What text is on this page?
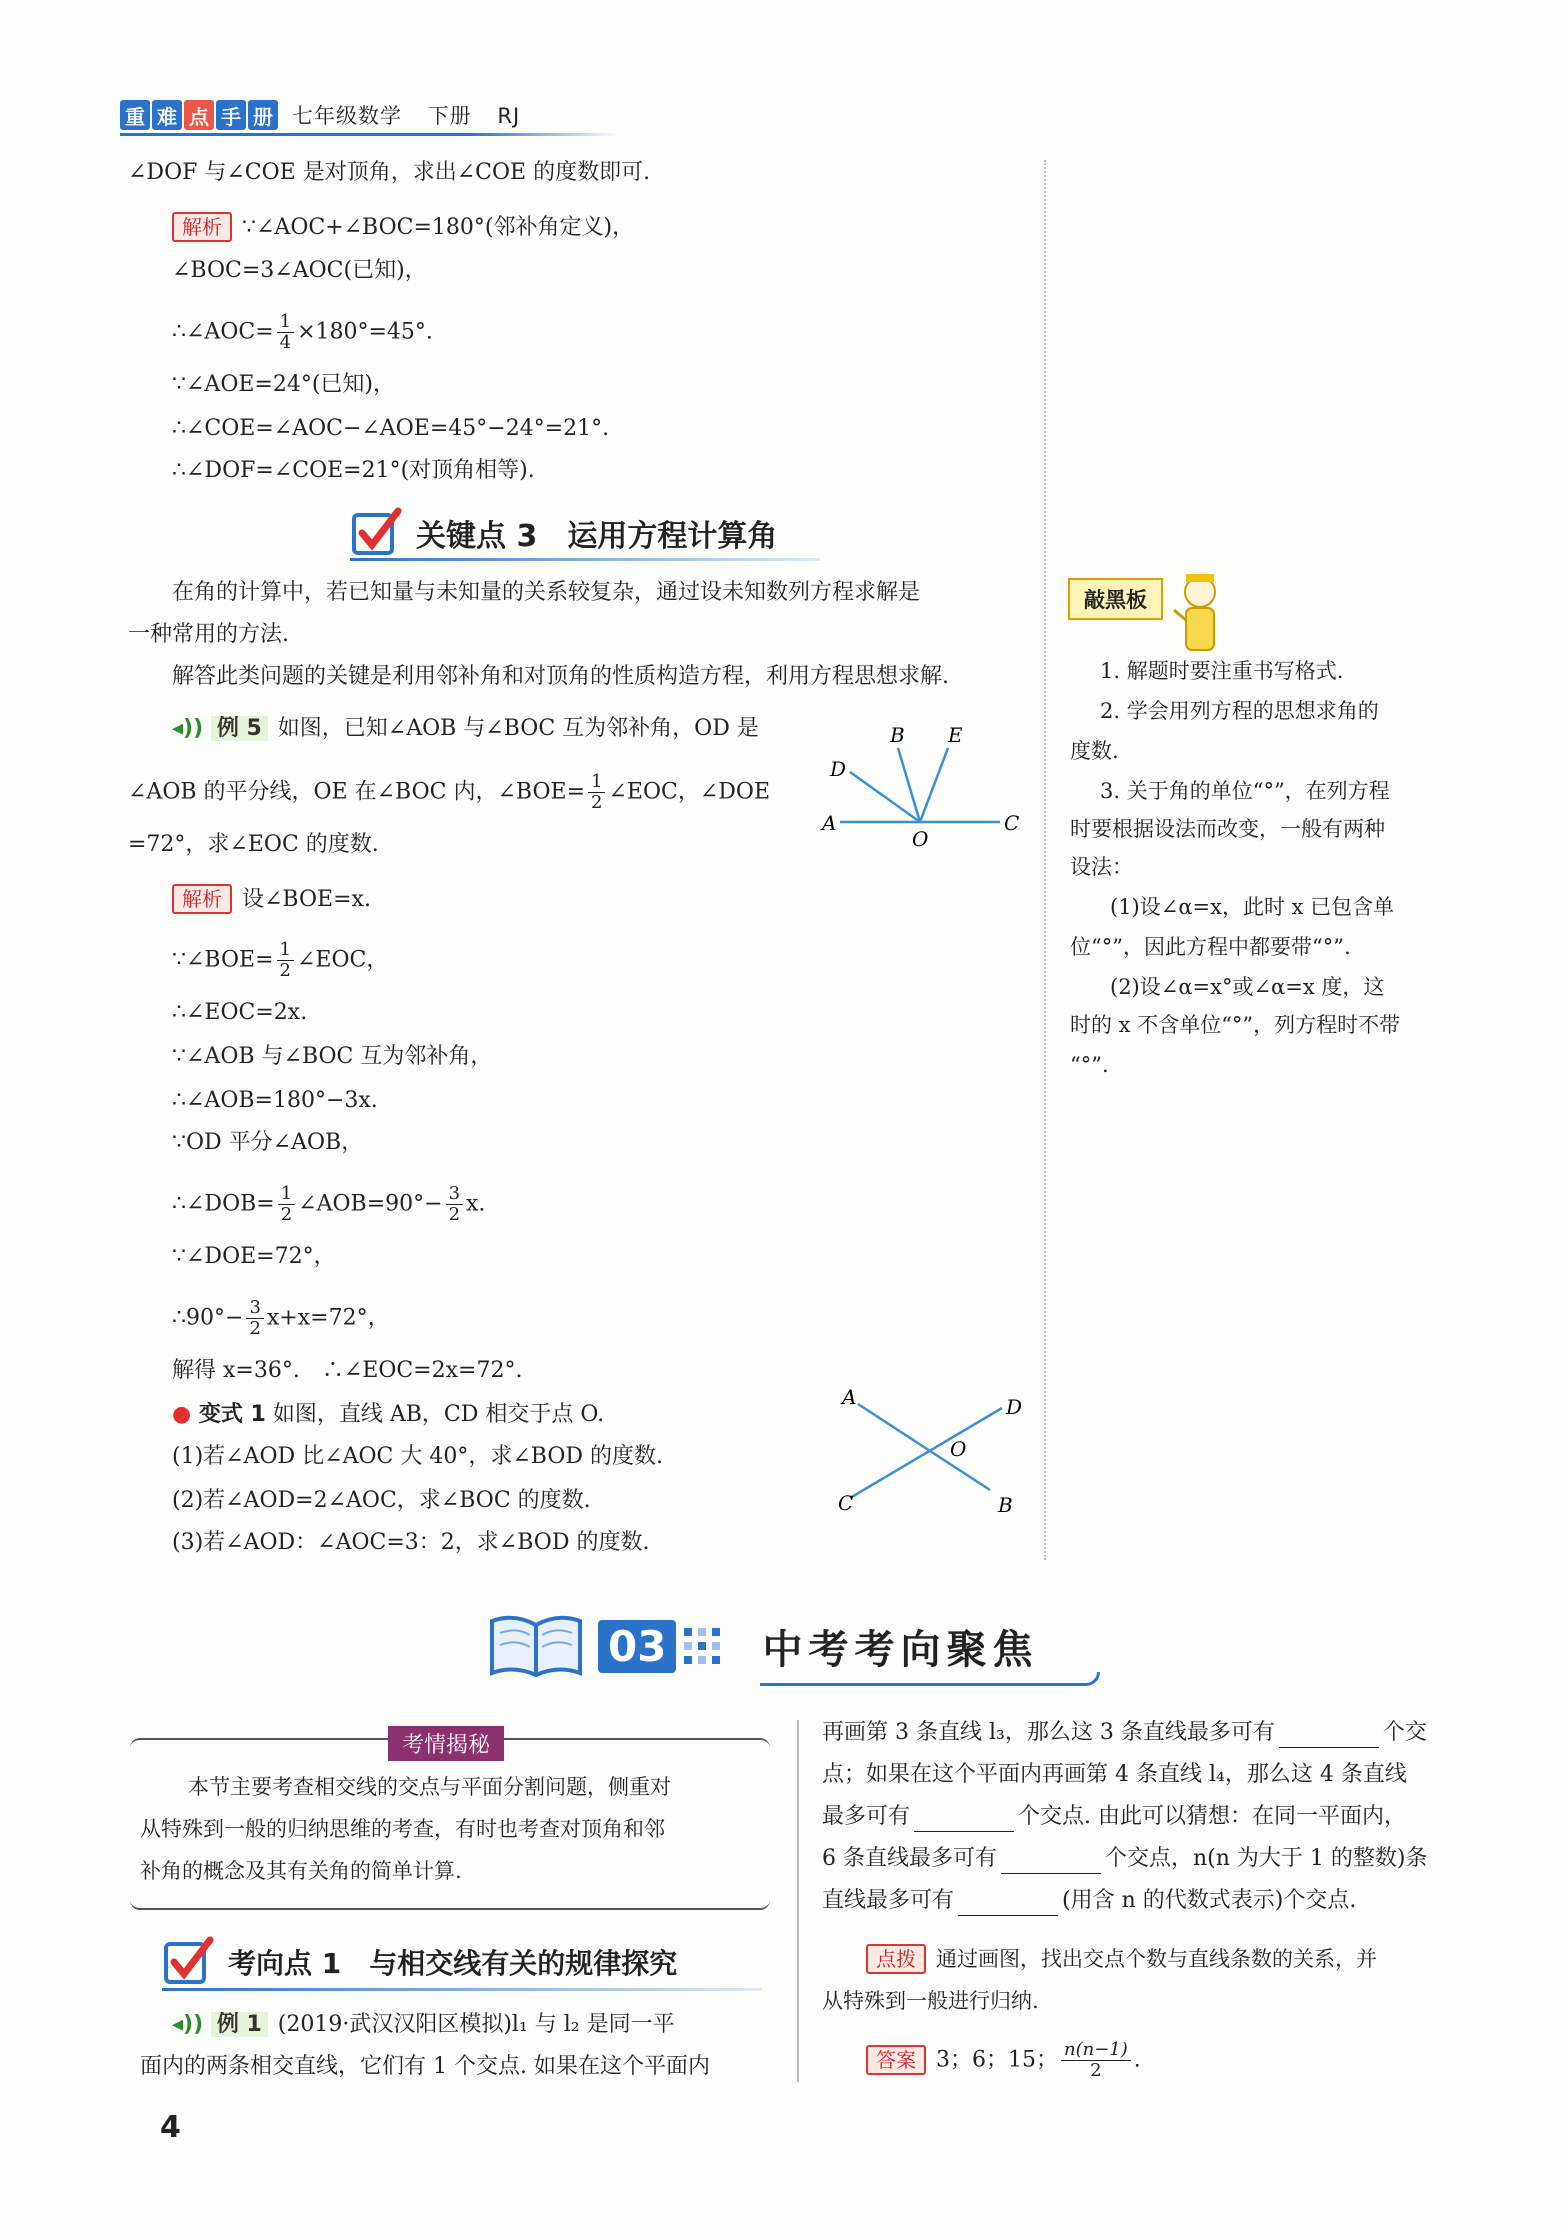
重 难 点 手 册 七年级数学 下册 RJ
∠DOF 与∠COE 是对顶角，求出∠COE 的度数即可.
解析 ∵∠AOC+∠BOC=180°(邻补角定义)，
∠BOC=3∠AOC(已知)，
∴∠AOC= $\frac{1}{4} \times 180^\circ=45^\circ$.
∵∠AOE=24°(已知)，
∴∠COE=∠AOC−∠AOE=45°−24°=21°.
∴∠DOF=∠COE=21°(对顶角相等).
关键点 3　运用方程计算角
在角的计算中，若已知量与未知量的关系较复杂，通过设未知数列方程求解是
一种常用的方法.
解答此类问题的关键是利用邻补角和对顶角的性质构造方程，利用方程思想求解.
◂)) 例 5 如图，已知∠AOB 与∠BOC 互为邻补角，OD 是
∠AOB 的平分线，OE 在∠BOC 内，∠BOE= $\frac{1}{2}$ ∠EOC，∠DOE
=72°，求∠EOC 的度数.
A	C
D
B E
O
解析 设∠BOE=x.
∵∠BOE= $\frac{1}{2}$ ∠EOC，
∴∠EOC=2x.
∵∠AOB 与∠BOC 互为邻补角，
∴∠AOB=180°−3x.
∵OD 平分∠AOB，
∴∠DOB= $\frac{1}{2}$ ∠AOB=90°− $\frac{3}{2} x$.
∵∠DOE=72°，
∴90°− $\frac{3}{2} x+x=72^\circ$，
解得 x=36°.　∴∠EOC=2x=72°.
● 变式 1 如图，直线 AB，CD 相交于点 O.
(1)若∠AOD 比∠AOC 大 40°，求∠BOD 的度数.
(2)若∠AOD=2∠AOC，求∠BOC 的度数.
(3)若∠AOD：∠AOC=3：2，求∠BOD 的度数.
A	D
O
C	B
敲黑板
1. 解题时要注重书写格式.
2. 学会用列方程的思想求角的
度数.
3. 关于角的单位“°”，在列方程
时要根据设法而改变，一般有两种
设法：
(1)设∠α=x，此时 x 已包含单
位“°”，因此方程中都要带“°”.
(2)设∠α=x°或∠α=x 度，这
时的 x 不含单位“°”，列方程时不带
“°”.
03 中考考向聚焦
考情揭秘
本节主要考查相交线的交点与平面分割问题，侧重对
从特殊到一般的归纳思维的考查，有时也考查对顶角和邻
补角的概念及其有关角的简单计算.
考向点 1　与相交线有关的规律探究
◂)) 例 1 (2019·武汉汉阳区模拟)l₁ 与 l₂ 是同一平
面内的两条相交直线，它们有 1 个交点. 如果在这个平面内
再画第 3 条直线 l₃，那么这 3 条直线最多可有	个交
点；如果在这个平面内再画第 4 条直线 l₄，那么这 4 条直线
最多可有	个交点. 由此可以猜想：在同一平面内，
6 条直线最多可有	个交点，n(n 为大于 1 的整数)条
直线最多可有	(用含 n 的代数式表示)个交点.
点拨 通过画图，找出交点个数与直线条数的关系，并
从特殊到一般进行归纳.
答案 3；6；15； $\frac{n(n-1)}{2}$ .
4
